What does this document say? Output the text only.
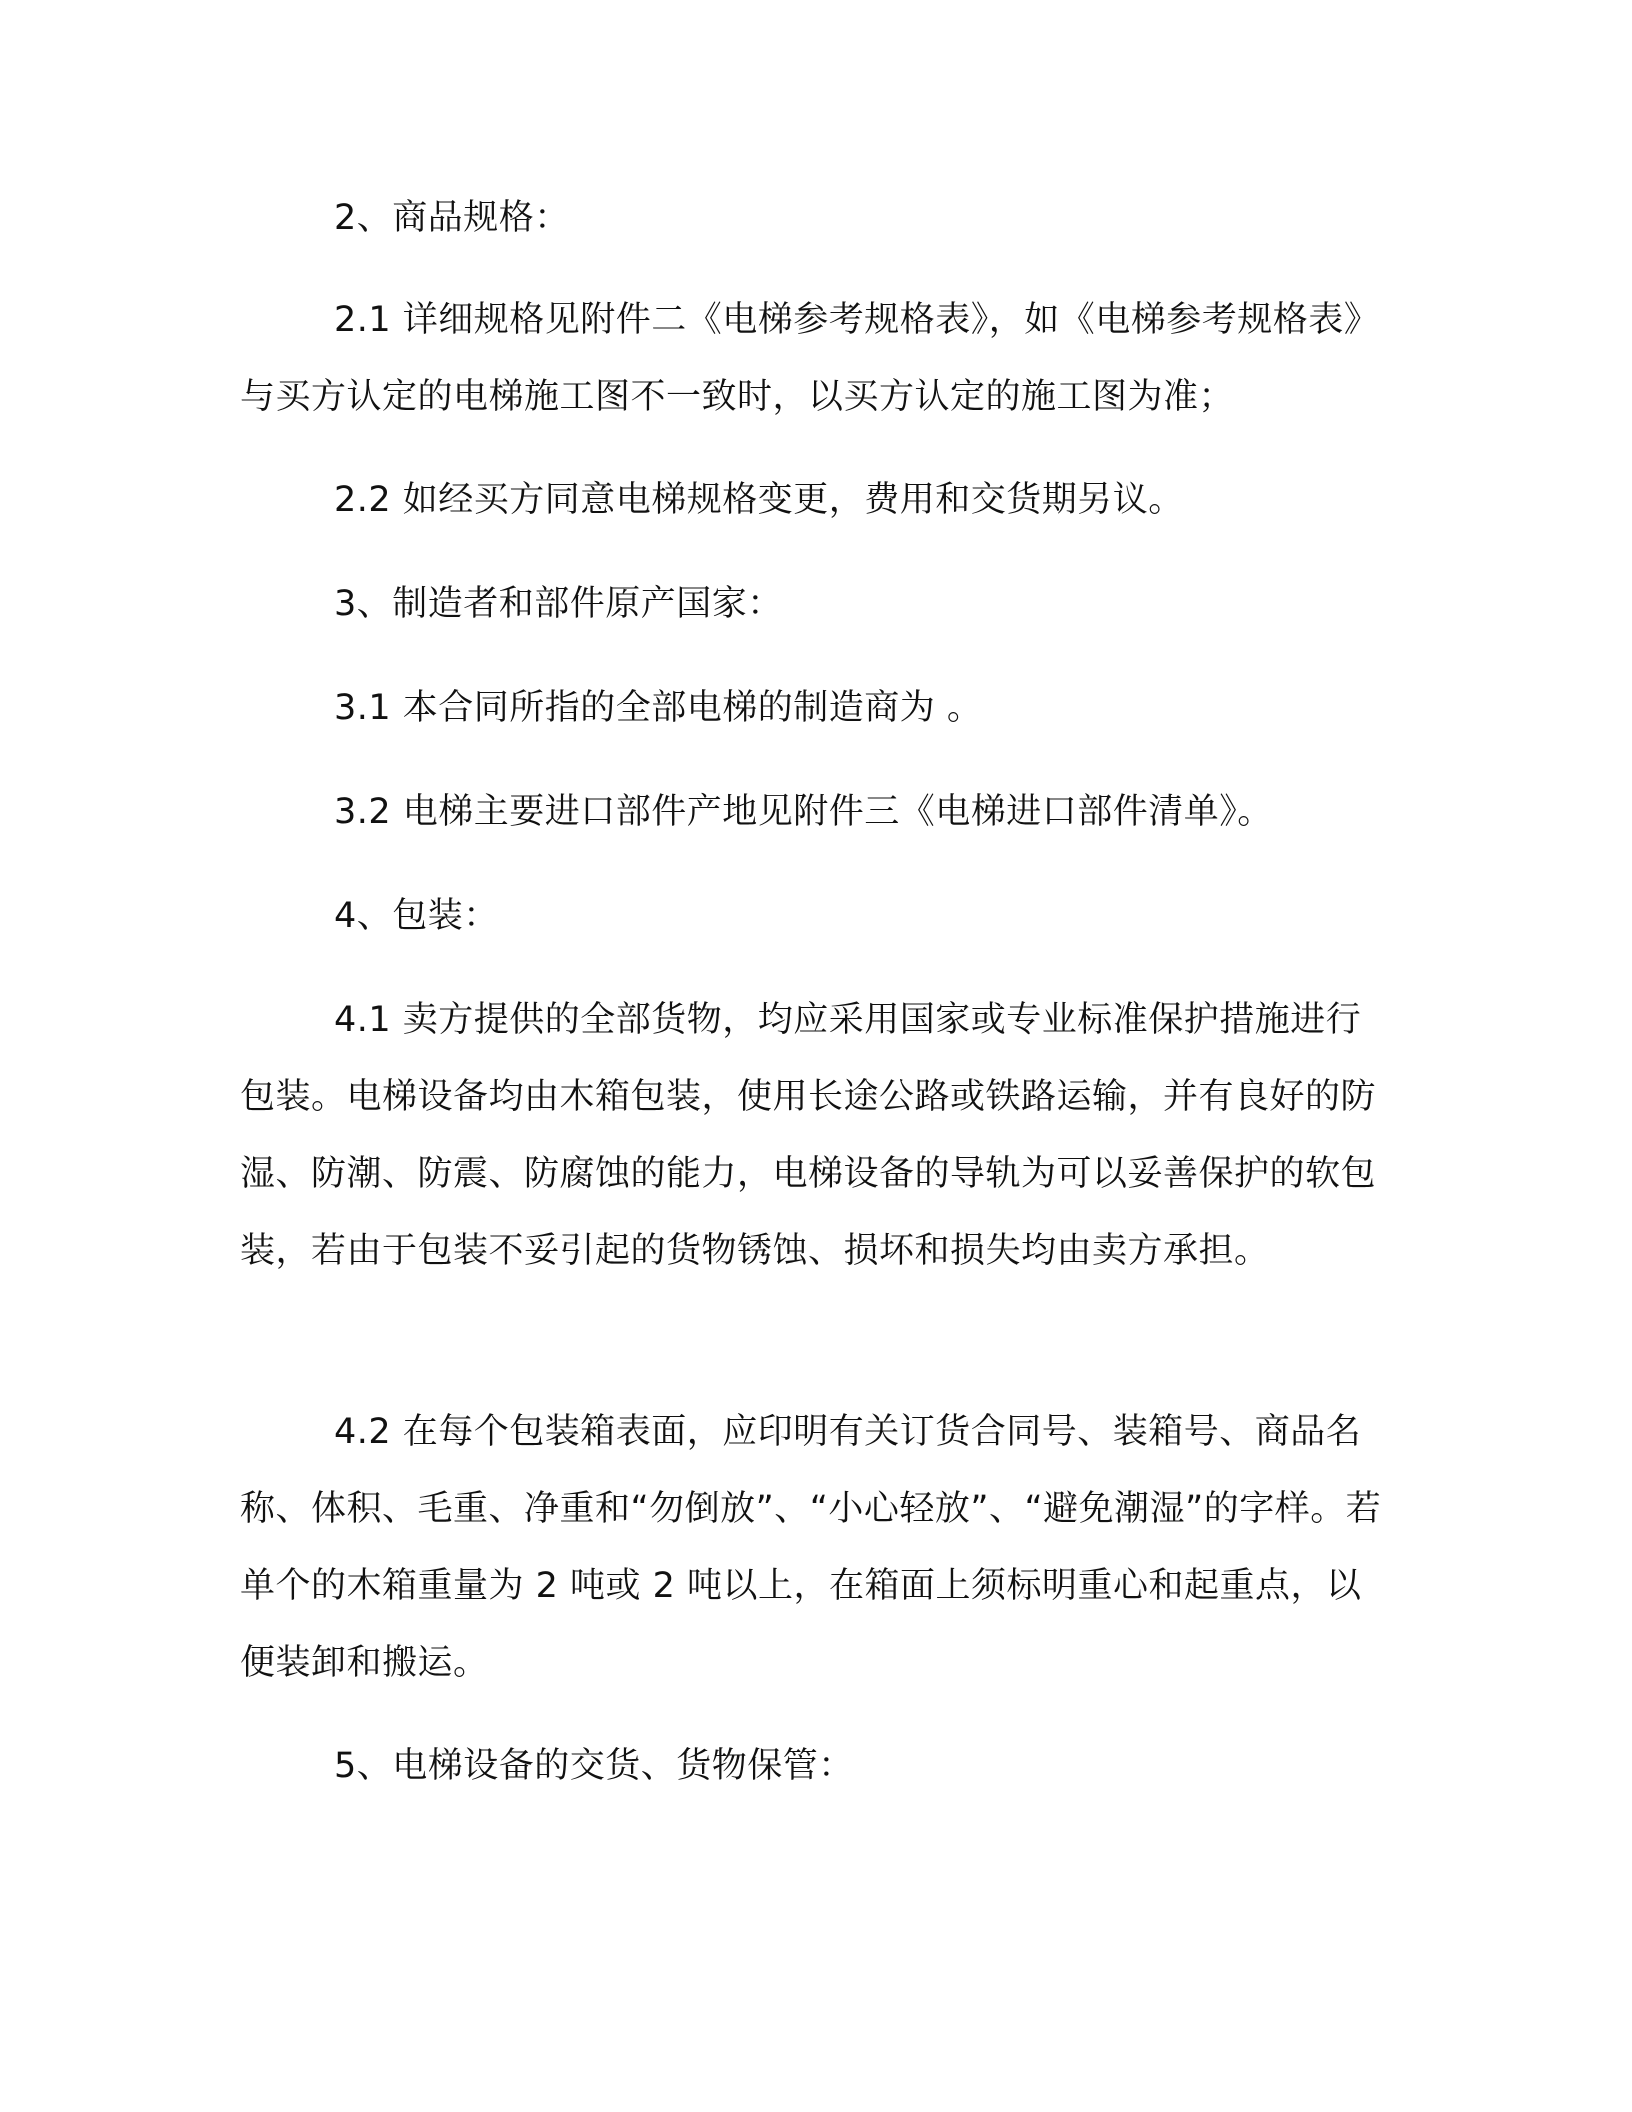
2、商品规格：

2.1 详细规格见附件二《电梯参考规格表》，如《电梯参考规格表》与买方认定的电梯施工图不一致时，以买方认定的施工图为准；

2.2 如经买方同意电梯规格变更，费用和交货期另议。

3、制造者和部件原产国家：

3.1 本合同所指的全部电梯的制造商为 。

3.2 电梯主要进口部件产地见附件三《电梯进口部件清单》。

4、包装：

4.1 卖方提供的全部货物，均应采用国家或专业标准保护措施进行包装。电梯设备均由木箱包装，使用长途公路或铁路运输，并有良好的防湿、防潮、防震、防腐蚀的能力，电梯设备的导轨为可以妥善保护的软包装，若由于包装不妥引起的货物锈蚀、损坏和损失均由卖方承担。

4.2 在每个包装箱表面，应印明有关订货合同号、装箱号、商品名称、体积、毛重、净重和“勿倒放”、“小心轻放”、“避免潮湿”的字样。若单个的木箱重量为 2 吨或 2 吨以上，在箱面上须标明重心和起重点，以便装卸和搬运。

5、电梯设备的交货、货物保管：
